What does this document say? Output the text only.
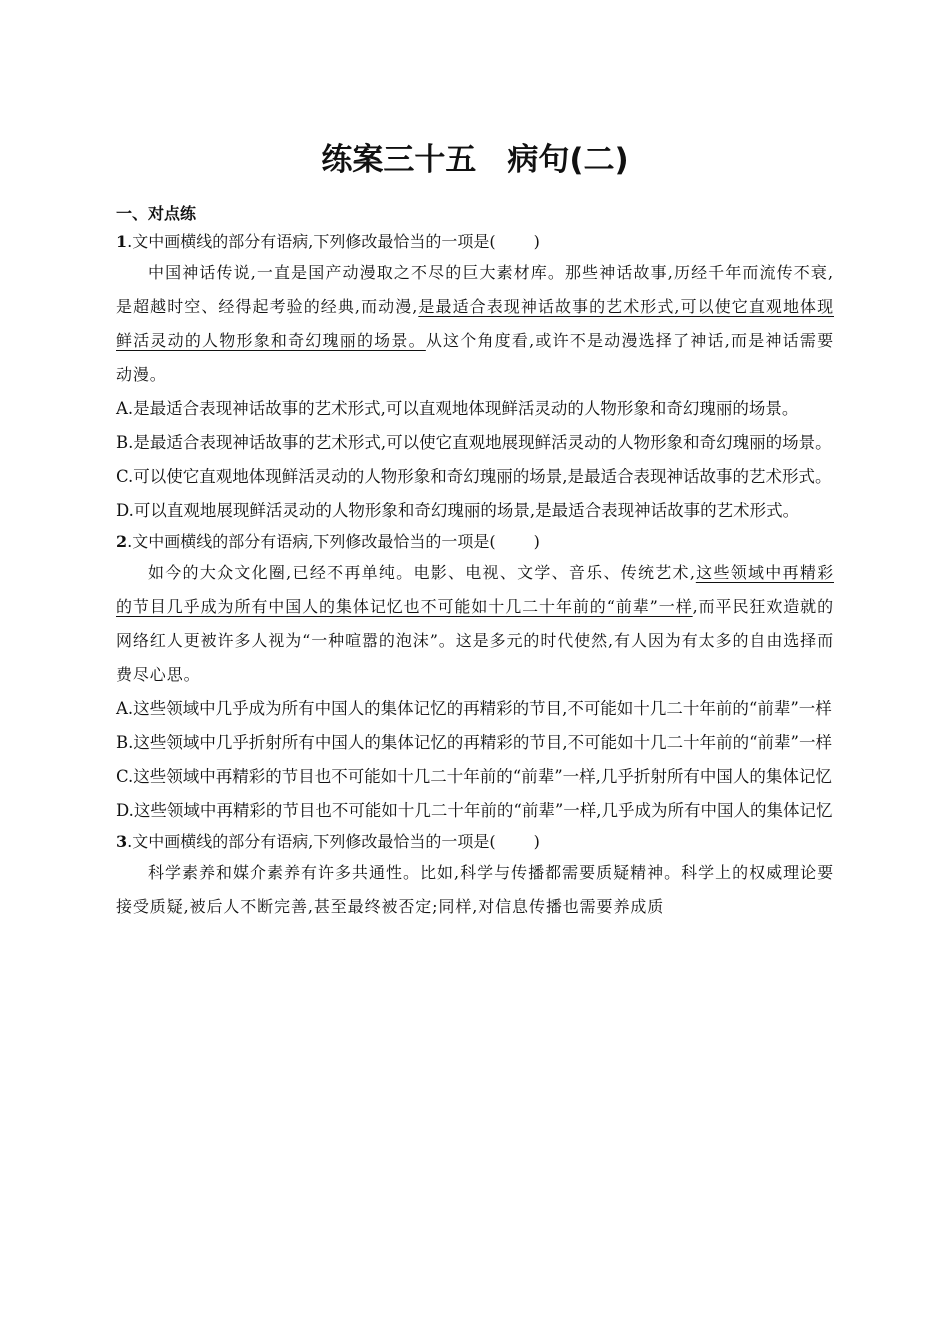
练案三十五　病句(二)

一、对点练

1.文中画横线的部分有语病,下列修改最恰当的一项是( )

中国神话传说,一直是国产动漫取之不尽的巨大素材库。那些神话故事,历经千年而流传不衰,是超越时空、经得起考验的经典,而动漫,是最适合表现神话故事的艺术形式,可以使它直观地体现鲜活灵动的人物形象和奇幻瑰丽的场景。从这个角度看,或许不是动漫选择了神话,而是神话需要动漫。

A.是最适合表现神话故事的艺术形式,可以直观地体现鲜活灵动的人物形象和奇幻瑰丽的场景。

B.是最适合表现神话故事的艺术形式,可以使它直观地展现鲜活灵动的人物形象和奇幻瑰丽的场景。

C.可以使它直观地体现鲜活灵动的人物形象和奇幻瑰丽的场景,是最适合表现神话故事的艺术形式。

D.可以直观地展现鲜活灵动的人物形象和奇幻瑰丽的场景,是最适合表现神话故事的艺术形式。

2.文中画横线的部分有语病,下列修改最恰当的一项是( )

如今的大众文化圈,已经不再单纯。电影、电视、文学、音乐、传统艺术,这些领域中再精彩的节目几乎成为所有中国人的集体记忆也不可能如十几二十年前的“前辈”一样,而平民狂欢造就的网络红人更被许多人视为“一种喧嚣的泡沫”。这是多元的时代使然,有人因为有太多的自由选择而费尽心思。

A.这些领域中几乎成为所有中国人的集体记忆的再精彩的节目,不可能如十几二十年前的“前辈”一样

B.这些领域中几乎折射所有中国人的集体记忆的再精彩的节目,不可能如十几二十年前的“前辈”一样

C.这些领域中再精彩的节目也不可能如十几二十年前的“前辈”一样,几乎折射所有中国人的集体记忆

D.这些领域中再精彩的节目也不可能如十几二十年前的“前辈”一样,几乎成为所有中国人的集体记忆

3.文中画横线的部分有语病,下列修改最恰当的一项是( )

科学素养和媒介素养有许多共通性。比如,科学与传播都需要质疑精神。科学上的权威理论要接受质疑,被后人不断完善,甚至最终被否定;同样,对信息传播也需要养成质
